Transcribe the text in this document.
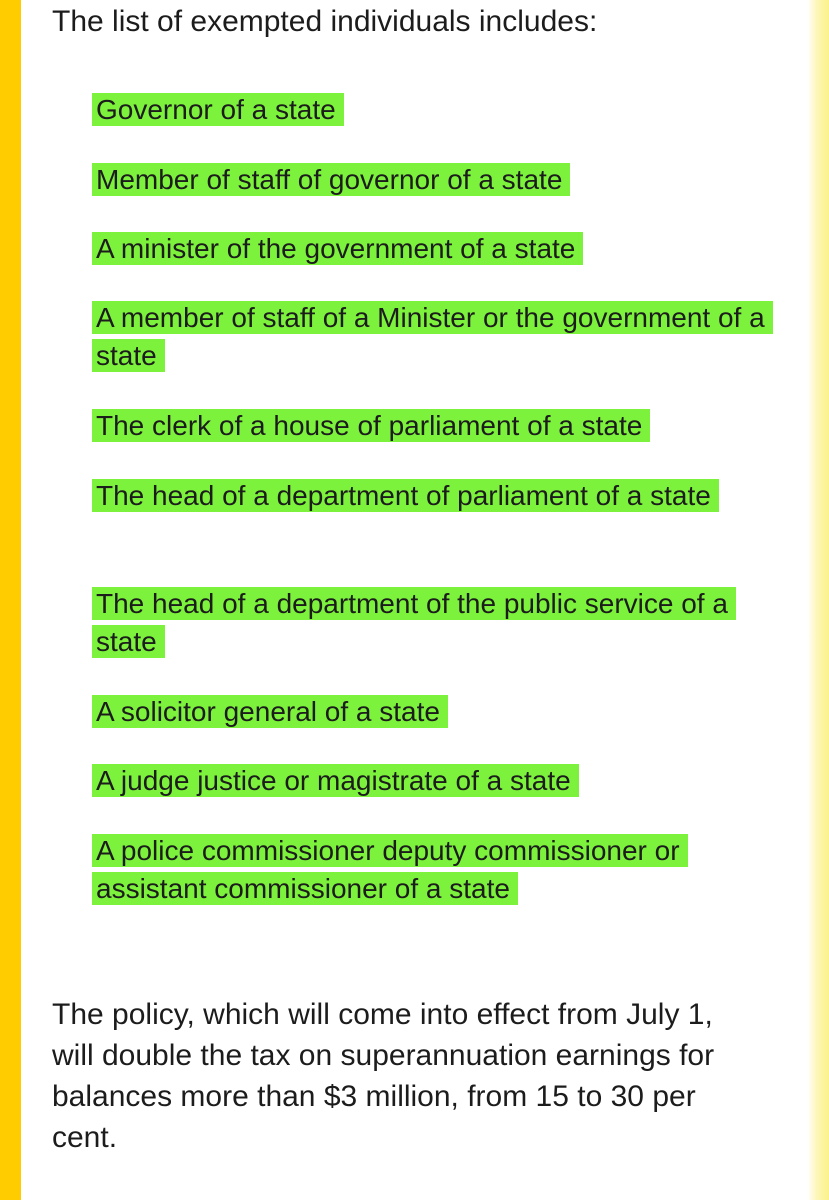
The list of exempted individuals includes:

Governor of a state
Member of staff of governor of a state
A minister of the government of a state
A member of staff of a Minister or the government of a state
The clerk of a house of parliament of a state
The head of a department of parliament of a state
The head of a department of the public service of a state
A solicitor general of a state
A judge justice or magistrate of a state
A police commissioner deputy commissioner or assistant commissioner of a state

The policy, which will come into effect from July 1, will double the tax on superannuation earnings for balances more than $3 million, from 15 to 30 per cent.
